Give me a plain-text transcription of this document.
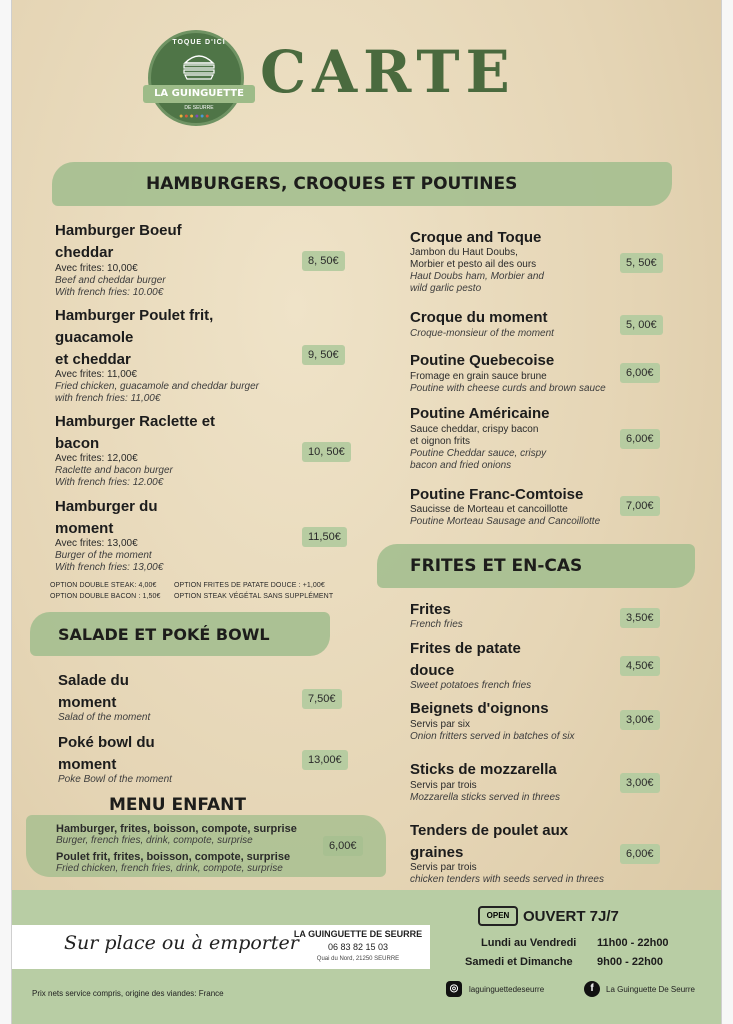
TOQUE D'ICI
LA GUINGUETTE
DE SEURRE
●●●●●●
CARTE
HAMBURGERS, CROQUES ET POUTINES
Hamburger Boeuf
cheddar
Avec frites: 10,00€
Beef and cheddar burger
With french fries: 10.00€
8, 50€
Hamburger Poulet frit,
guacamole
et cheddar
Avec frites: 11,00€
Fried chicken, guacamole and cheddar burger
with french fries: 11,00€
9, 50€
Hamburger Raclette et
bacon
Avec frites: 12,00€
Raclette and bacon burger
With french fries: 12.00€
10, 50€
Hamburger du
moment
Avec frites: 13,00€
Burger of the moment
With french fries: 13,00€
11,50€
OPTION DOUBLE STEAK: 4,00€	OPTION FRITES DE PATATE DOUCE : +1,00€
OPTION DOUBLE BACON : 1,50€ OPTION STEAK VÉGÉTAL SANS SUPPLÉMENT
SALADE ET POKÉ BOWL
Salade du
moment
Salad of the moment
7,50€
Poké bowl du
moment
Poke Bowl of the moment
13,00€
MENU ENFANT
Hamburger, frites, boisson, compote, surprise
Burger, french fries, drink, compote, surprise
Poulet frit, frites, boisson, compote, surprise
Fried chicken, french fries, drink, compote, surprise
6,00€
Croque and Toque
Jambon du Haut Doubs,
Morbier et pesto ail des ours
Haut Doubs ham, Morbier and
wild garlic pesto
5, 50€
Croque du moment
Croque-monsieur of the moment
5, 00€
Poutine Quebecoise
Fromage en grain sauce brune
Poutine with cheese curds and brown sauce
6,00€
Poutine Américaine
Sauce cheddar, crispy bacon
et oignon frits
Poutine Cheddar sauce, crispy
bacon and fried onions
6,00€
Poutine Franc-Comtoise
Saucisse de Morteau et cancoillotte
Poutine Morteau Sausage and Cancoillotte
7,00€
FRITES ET EN-CAS
Frites
French fries
3,50€
Frites de patate
douce
Sweet potatoes french fries
4,50€
Beignets d'oignons
Servis par six
Onion fritters served in batches of six
3,00€
Sticks de mozzarella
Servis par trois
Mozzarella sticks served in threes
3,00€
Tenders de poulet aux
graines
Servis par trois
chicken tenders with seeds served in threes
6,00€
Sur place ou à emporter
LA GUINGUETTE DE SEURRE
06 83 82 15 03
Quai du Nord, 21250 SEURRE
Prix nets service compris, origine des viandes: France
OPEN OUVERT 7J/7
Lundi au Vendredi 11h00 - 22h00
Samedi et Dimanche 9h00 - 22h00
◎	laguinguettedeseurre	f	La Guinguette De Seurre
